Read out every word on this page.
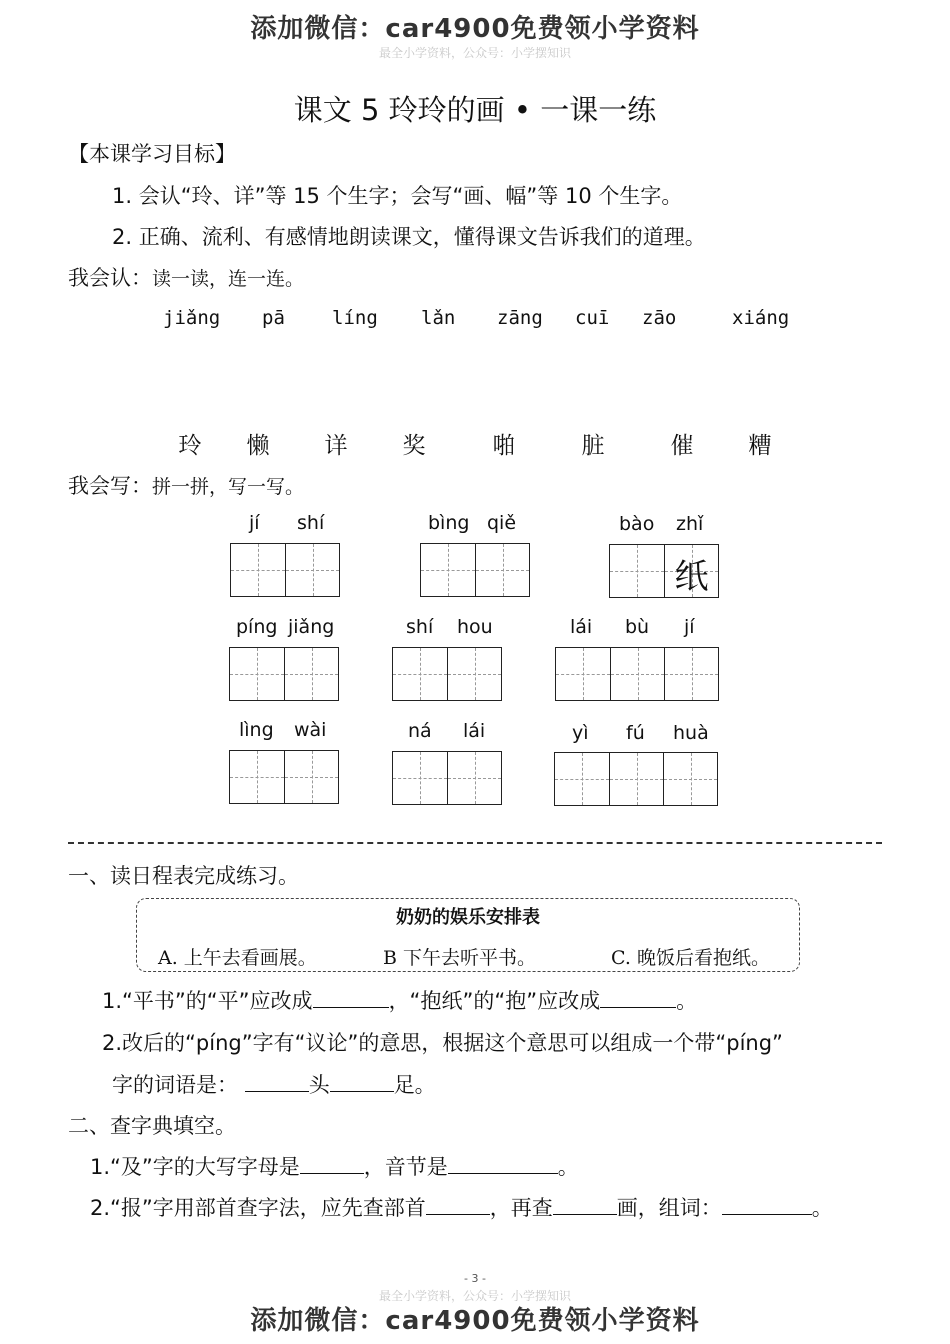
添加微信：car4900免费领小学资料
最全小学资料，公众号：小学摆知识
课文 5 玲玲的画 • 一课一练
【本课学习目标】
1. 会认“玲、详”等 15 个生字；会写“画、幅”等 10 个生字。
2. 正确、流利、有感情地朗读课文，懂得课文告诉我们的道理。
我会认：读一读，连一连。
jiǎng pā líng lǎn zāng cuī zāo	xiáng
玲	懒	详	奖	啪	脏	催	糟
我会写：拼一拼，写一写。
jí shí	bìng qiě	bào zhǐ
纸
píng jiǎng	shí hou	lái bù jí
lìng wài	ná lái	yì fú huà
一、读日程表完成练习。
奶奶的娱乐安排表
A. 上午去看画展。	B 下午去听平书。	C. 晚饭后看抱纸。
1.“平书”的“平”应改成	，“抱纸”的“抱”应改成	。
2.改后的“píng”字有“议论”的意思，根据这个意思可以组成一个带“píng”
字的词语是：	头	足。
二、查字典填空。
1.“及”字的大写字母是	，音节是	。
2.“报”字用部首查字法，应先查部首	，再查	画，组词：	。
- 3 -
最全小学资料，公众号：小学摆知识
添加微信：car4900免费领小学资料
